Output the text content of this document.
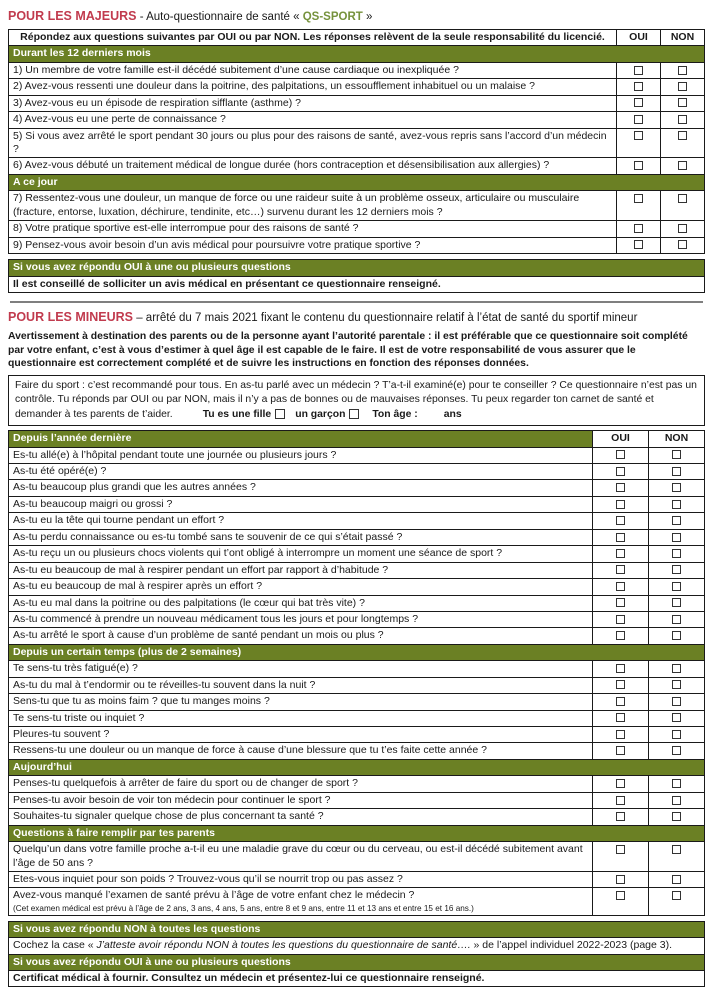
POUR LES MAJEURS - Auto-questionnaire de santé « QS-SPORT »
Répondez aux questions suivantes par OUI ou par NON. Les réponses relèvent de la seule responsabilité du licencié.	OUI	NON
Durant les 12 derniers mois		
1) Un membre de votre famille est-il décédé subitement d’une cause cardiaque ou inexpliquée ?		
2) Avez-vous ressenti une douleur dans la poitrine, des palpitations, un essoufflement inhabituel ou un malaise ?		
3) Avez-vous eu un épisode de respiration sifflante (asthme) ?		
4) Avez-vous eu une perte de connaissance ?		
5) Si vous avez arrêté le sport pendant 30 jours ou plus pour des raisons de santé, avez-vous repris sans l’accord d’un médecin ?		
6) Avez-vous débuté un traitement médical de longue durée (hors contraception et désensibilisation aux allergies) ?		
A ce jour		
7) Ressentez-vous une douleur, un manque de force ou une raideur suite à un problème osseux, articulaire ou musculaire (fracture, entorse, luxation, déchirure, tendinite, etc…) survenu durant les 12 derniers mois ?		
8) Votre pratique sportive est-elle interrompue pour des raisons de santé ?		
9) Pensez-vous avoir besoin d’un avis médical pour poursuivre votre pratique sportive ?		
Si vous avez répondu OUI à une ou plusieurs questions
Il est conseillé de solliciter un avis médical en présentant ce questionnaire renseigné.
POUR LES MINEURS – arrêté du 7 mais 2021 fixant le contenu du questionnaire relatif à l’état de santé du sportif mineur
Avertissement à destination des parents ou de la personne ayant l’autorité parentale : il est préférable que ce questionnaire soit complété par votre enfant, c’est à vous d’estimer à quel âge il est capable de le faire. Il est de votre responsabilité de vous assurer que le questionnaire est correctement complété et de suivre les instructions en fonction des réponses données.
Faire du sport : c’est recommandé pour tous. En as-tu parlé avec un médecin ? T’a-t-il examiné(e) pour te conseiller ? Ce questionnaire n’est pas un contrôle. Tu réponds par OUI ou par NON, mais il n’y a pas de bonnes ou de mauvaises réponses. Tu peux regarder ton carnet de santé et demander à tes parents de t’aider.	Tu es une fille un garçon	Ton âge :	ans
Depuis l’année dernière	OUI	NON
Es-tu allé(e) à l’hôpital pendant toute une journée ou plusieurs jours ?		
As-tu été opéré(e) ?		
As-tu beaucoup plus grandi que les autres années ?		
As-tu beaucoup maigri ou grossi ?		
As-tu eu la tête qui tourne pendant un effort ?		
As-tu perdu connaissance ou es-tu tombé sans te souvenir de ce qui s’était passé ?		
As-tu reçu un ou plusieurs chocs violents qui t’ont obligé à interrompre un moment une séance de sport ?		
As-tu eu beaucoup de mal à respirer pendant un effort par rapport à d’habitude ?		
As-tu eu beaucoup de mal à respirer après un effort ?		
As-tu eu mal dans la poitrine ou des palpitations (le cœur qui bat très vite) ?		
As-tu commencé à prendre un nouveau médicament tous les jours et pour longtemps ?		
As-tu arrêté le sport à cause d’un problème de santé pendant un mois ou plus ?		
Depuis un certain temps (plus de 2 semaines)		
Te sens-tu très fatigué(e) ?		
As-tu du mal à t’endormir ou te réveilles-tu souvent dans la nuit ?		
Sens-tu que tu as moins faim ? que tu manges moins ?		
Te sens-tu triste ou inquiet ?		
Pleures-tu souvent ?		
Ressens-tu une douleur ou un manque de force à cause d’une blessure que tu t’es faite cette année ?		
Aujourd’hui		
Penses-tu quelquefois à arrêter de faire du sport ou de changer de sport ?		
Penses-tu avoir besoin de voir ton médecin pour continuer le sport ?		
Souhaites-tu signaler quelque chose de plus concernant ta santé ?		
Questions à faire remplir par tes parents		
Quelqu’un dans votre famille proche a-t-il eu une maladie grave du cœur ou du cerveau, ou est-il décédé subitement avant l’âge de 50 ans ?		
Etes-vous inquiet pour son poids ? Trouvez-vous qu’il se nourrit trop ou pas assez ?		
Avez-vous manqué l’examen de santé prévu à l’âge de votre enfant chez le médecin ?
(Cet examen médical est prévu à l’âge de 2 ans, 3 ans, 4 ans, 5 ans, entre 8 et 9 ans, entre 11 et 13 ans et entre 15 et 16 ans.)		

Si vous avez répondu NON à toutes les questions
Cochez la case « J’atteste avoir répondu NON à toutes les questions du questionnaire de santé…. » de l’appel individuel 2022-2023 (page 3).
Si vous avez répondu OUI à une ou plusieurs questions
Certificat médical à fournir. Consultez un médecin et présentez-lui ce questionnaire renseigné.
